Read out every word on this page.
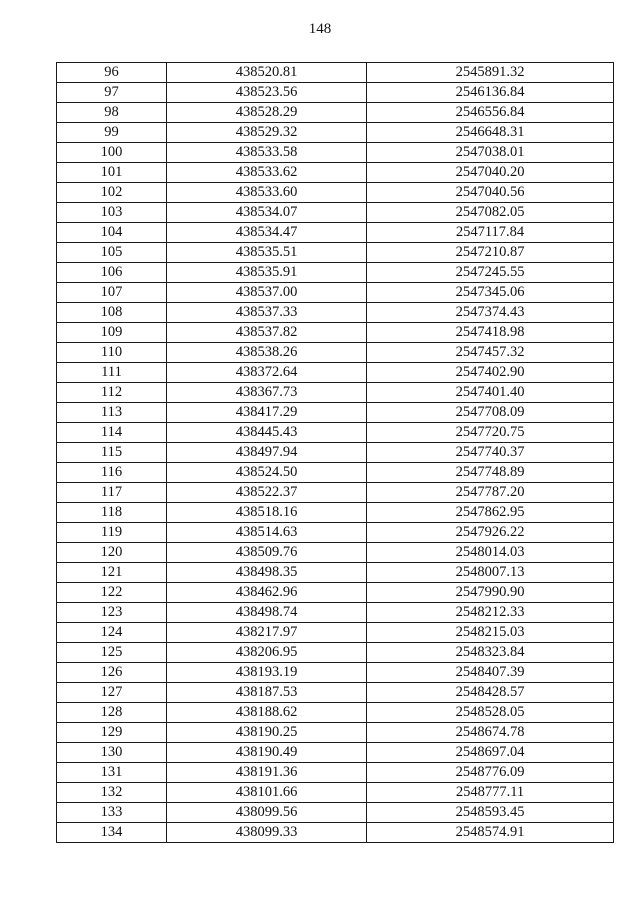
148
96	438520.81	2545891.32
97	438523.56	2546136.84
98	438528.29	2546556.84
99	438529.32	2546648.31
100	438533.58	2547038.01
101	438533.62	2547040.20
102	438533.60	2547040.56
103	438534.07	2547082.05
104	438534.47	2547117.84
105	438535.51	2547210.87
106	438535.91	2547245.55
107	438537.00	2547345.06
108	438537.33	2547374.43
109	438537.82	2547418.98
110	438538.26	2547457.32
111	438372.64	2547402.90
112	438367.73	2547401.40
113	438417.29	2547708.09
114	438445.43	2547720.75
115	438497.94	2547740.37
116	438524.50	2547748.89
117	438522.37	2547787.20
118	438518.16	2547862.95
119	438514.63	2547926.22
120	438509.76	2548014.03
121	438498.35	2548007.13
122	438462.96	2547990.90
123	438498.74	2548212.33
124	438217.97	2548215.03
125	438206.95	2548323.84
126	438193.19	2548407.39
127	438187.53	2548428.57
128	438188.62	2548528.05
129	438190.25	2548674.78
130	438190.49	2548697.04
131	438191.36	2548776.09
132	438101.66	2548777.11
133	438099.56	2548593.45
134	438099.33	2548574.91
